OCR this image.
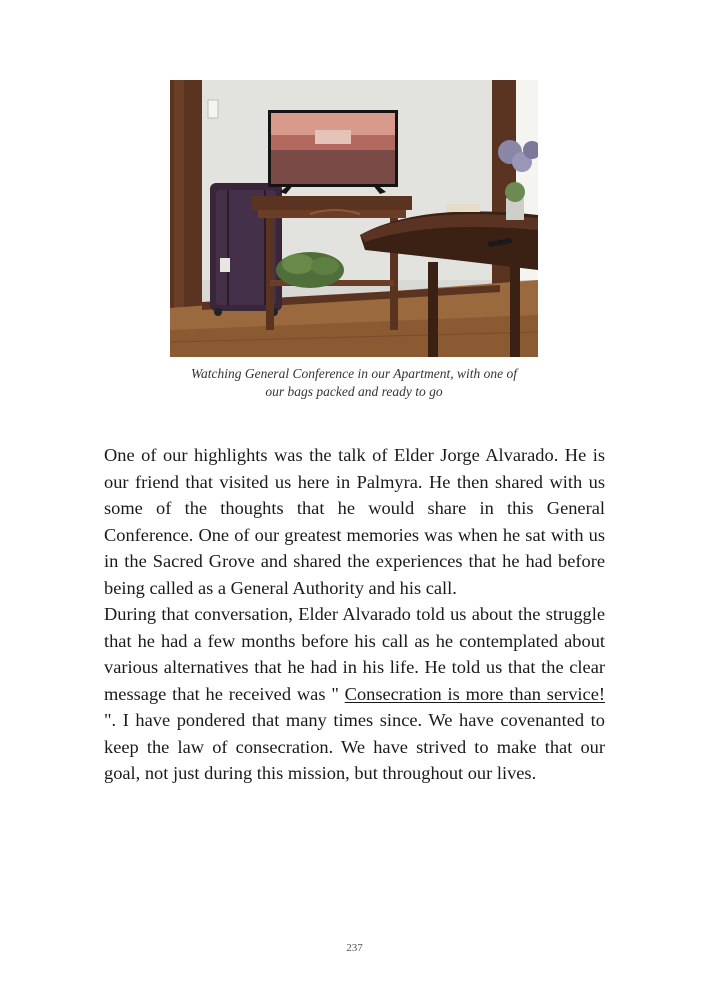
Watching General Conference in our Apartment, with one of
our bags packed and ready to go

One of our highlights was the talk of Elder Jorge Alvarado. He is our friend that visited us here in Palmyra. He then shared with us some of the thoughts that he would share in this General Conference. One of our greatest memories was when he sat with us in the Sacred Grove and shared the experiences that he had before being called as a General Authority and his call.

During that conversation, Elder Alvarado told us about the struggle that he had a few months before his call as he contemplated about various alternatives that he had in his life. He told us that the clear message that he received was " Consecration is more than service! ". I have pondered that many times since. We have covenanted to keep the law of consecration. We have strived to make that our goal, not just during this mission, but throughout our lives.

237
